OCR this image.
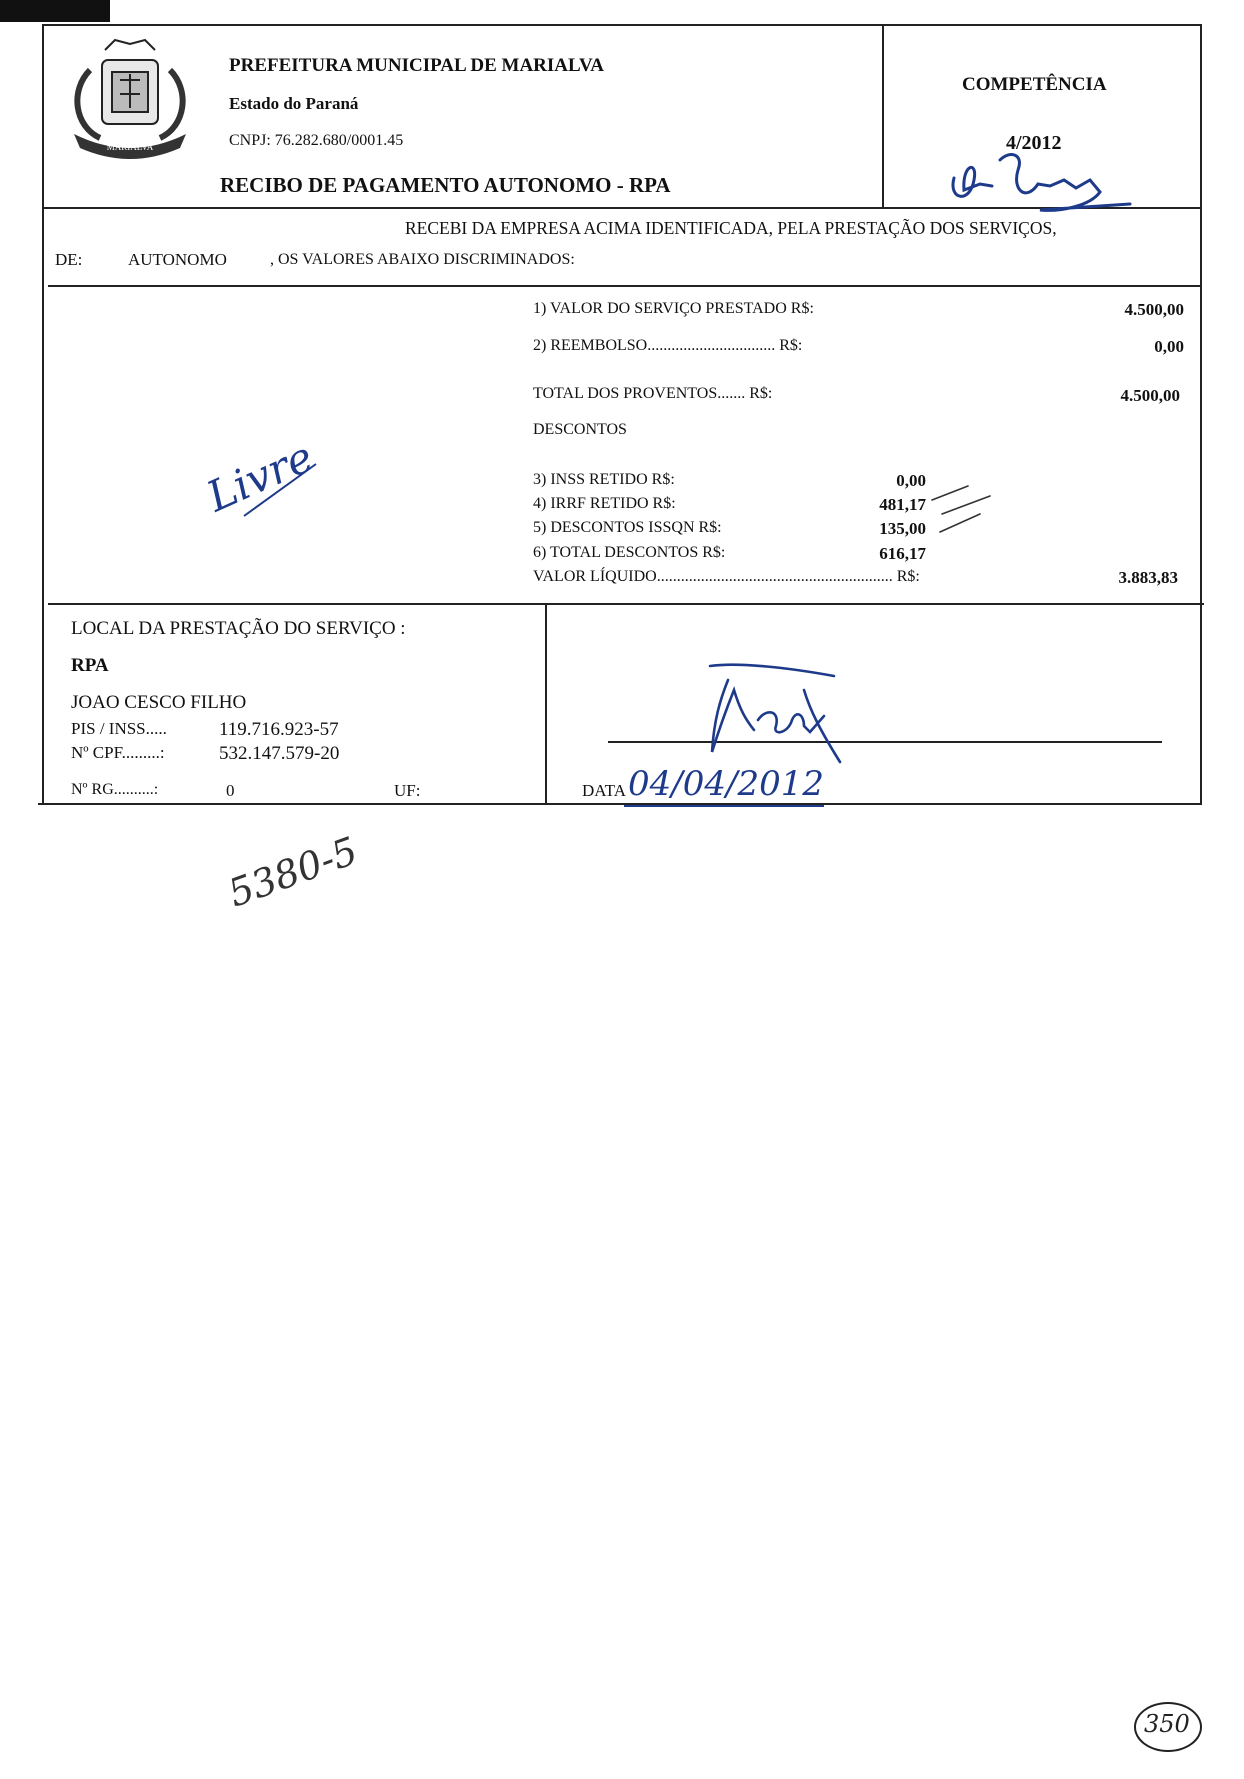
MARIALVA
PREFEITURA MUNICIPAL DE MARIALVA
Estado do Paraná
CNPJ: 76.282.680/0001.45
RECIBO DE PAGAMENTO AUTONOMO - RPA
COMPETÊNCIA
4/2012
RECEBI DA EMPRESA ACIMA IDENTIFICADA, PELA PRESTAÇÃO DOS SERVIÇOS,
DE:	AUTONOMO	, OS VALORES ABAIXO DISCRIMINADOS:
1) VALOR DO SERVIÇO PRESTADO R$:	4.500,00
2) REEMBOLSO................................ R$:	0,00
TOTAL DOS PROVENTOS....... R$:	4.500,00
DESCONTOS
3) INSS RETIDO R$:	0,00
4) IRRF RETIDO R$:	481,17
5) DESCONTOS ISSQN R$:	135,00
6) TOTAL DESCONTOS R$:	616,17
VALOR LÍQUIDO........................................................... R$:	3.883,83
Livre
LOCAL DA PRESTAÇÃO DO SERVIÇO :
RPA
JOAO CESCO FILHO
PIS / INSS.....	119.716.923-57
Nº CPF.........:	532.147.579-20
Nº RG..........:	0	UF:	DATA 04/04/2012
5380-5
350
